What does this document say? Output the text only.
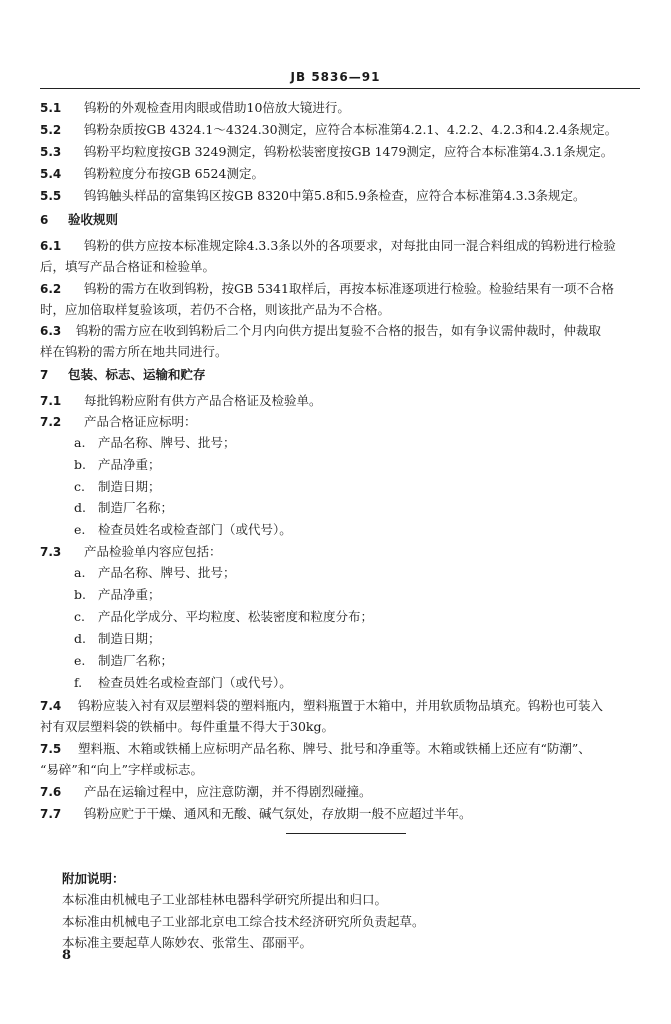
JB 5836—91
5.1 钨粉的外观检查用肉眼或借助10倍放大镜进行。
5.2 钨粉杂质按GB 4324.1～4324.30测定，应符合本标准第4.2.1、4.2.2、4.2.3和4.2.4条规定。
5.3 钨粉平均粒度按GB 3249测定，钨粉松装密度按GB 1479测定，应符合本标准第4.3.1条规定。
5.4 钨粉粒度分布按GB 6524测定。
5.5 钨钨触头样品的富集钨区按GB 8320中第5.8和5.9条检查，应符合本标准第4.3.3条规定。
6 验收规则
6.1 钨粉的供方应按本标准规定除4.3.3条以外的各项要求，对每批由同一混合料组成的钨粉进行检验
后，填写产品合格证和检验单。
6.2 钨粉的需方在收到钨粉，按GB 5341取样后，再按本标准逐项进行检验。检验结果有一项不合格
时，应加倍取样复验该项，若仍不合格，则该批产品为不合格。
6.3 钨粉的需方应在收到钨粉后二个月内向供方提出复验不合格的报告，如有争议需仲裁时，仲裁取
样在钨粉的需方所在地共同进行。
7 包装、标志、运输和贮存
7.1 每批钨粉应附有供方产品合格证及检验单。
7.2 产品合格证应标明：
a. 产品名称、牌号、批号；
b. 产品净重；
c. 制造日期；
d. 制造厂名称；
e. 检查员姓名或检查部门（或代号）。
7.3 产品检验单内容应包括：
a. 产品名称、牌号、批号；
b. 产品净重；
c. 产品化学成分、平均粒度、松装密度和粒度分布；
d. 制造日期；
e. 制造厂名称；
f. 检查员姓名或检查部门（或代号）。
7.4 钨粉应装入衬有双层塑料袋的塑料瓶内，塑料瓶置于木箱中，并用软质物品填充。钨粉也可装入
衬有双层塑料袋的铁桶中。每件重量不得大于30kg。
7.5 塑料瓶、木箱或铁桶上应标明产品名称、牌号、批号和净重等。木箱或铁桶上还应有“防潮”、
“易碎”和“向上”字样或标志。
7.6 产品在运输过程中，应注意防潮，并不得剧烈碰撞。
7.7 钨粉应贮于干燥、通风和无酸、碱气氛处，存放期一般不应超过半年。
附加说明：
本标准由机械电子工业部桂林电器科学研究所提出和归口。
本标准由机械电子工业部北京电工综合技术经济研究所负责起草。
本标准主要起草人陈妙农、张常生、邵丽平。
8
